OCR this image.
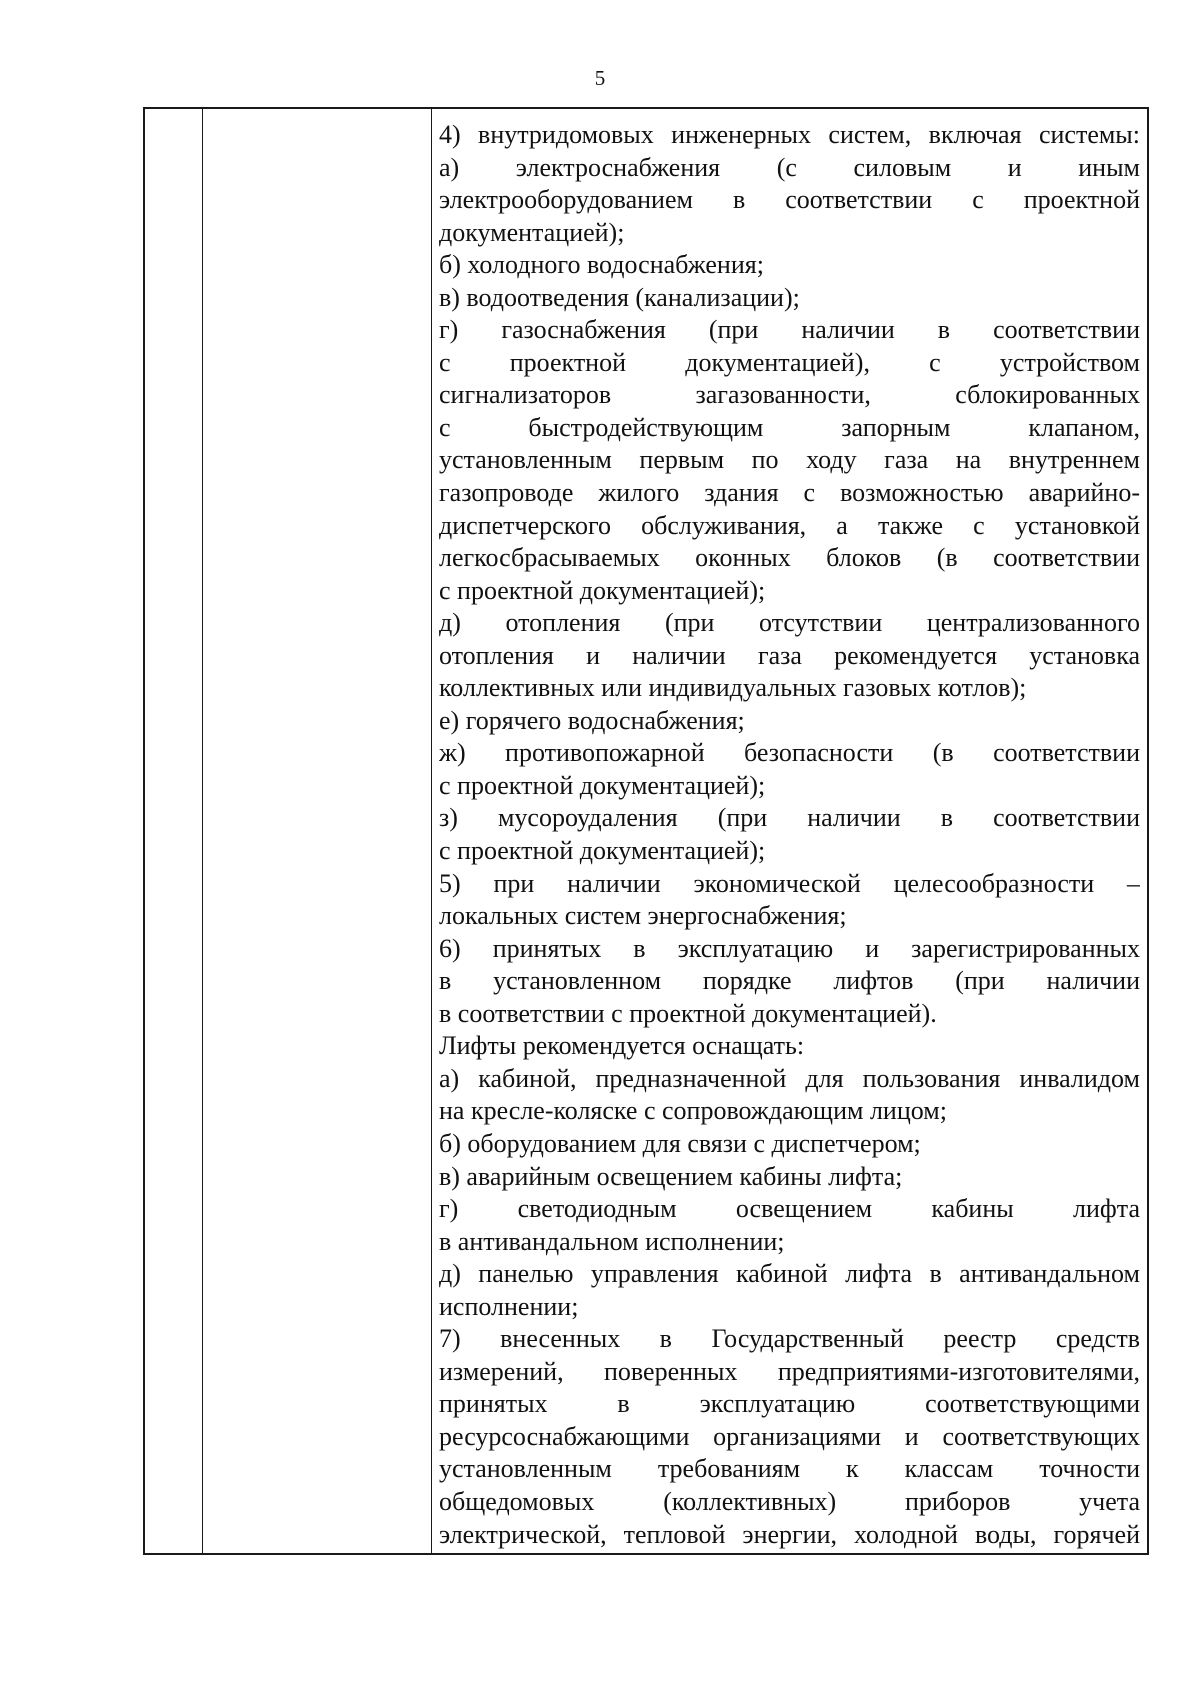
5
4) внутридомовых инженерных систем, включая системы:
а) электроснабжения (с силовым и иным
электрооборудованием в соответствии с проектной
документацией);
б) холодного водоснабжения;
в) водоотведения (канализации);
г) газоснабжения (при наличии в соответствии
с проектной документацией), с устройством
сигнализаторов загазованности, сблокированных
с быстродействующим запорным клапаном,
установленным первым по ходу газа на внутреннем
газопроводе жилого здания с возможностью аварийно-
диспетчерского обслуживания, а также с установкой
легкосбрасываемых оконных блоков (в соответствии
с проектной документацией);
д) отопления (при отсутствии централизованного
отопления и наличии газа рекомендуется установка
коллективных или индивидуальных газовых котлов);
е) горячего водоснабжения;
ж) противопожарной безопасности (в соответствии
с проектной документацией);
з) мусороудаления (при наличии в соответствии
с проектной документацией);
5) при наличии экономической целесообразности –
локальных систем энергоснабжения;
6) принятых в эксплуатацию и зарегистрированных
в установленном порядке лифтов (при наличии
в соответствии с проектной документацией).
Лифты рекомендуется оснащать:
а) кабиной, предназначенной для пользования инвалидом
на кресле-коляске с сопровождающим лицом;
б) оборудованием для связи с диспетчером;
в) аварийным освещением кабины лифта;
г) светодиодным освещением кабины лифта
в антивандальном исполнении;
д) панелью управления кабиной лифта в антивандальном
исполнении;
7) внесенных в Государственный реестр средств
измерений, поверенных предприятиями-изготовителями,
принятых в эксплуатацию соответствующими
ресурсоснабжающими организациями и соответствующих
установленным требованиям к классам точности
общедомовых (коллективных) приборов учета
электрической, тепловой энергии, холодной воды, горячей
